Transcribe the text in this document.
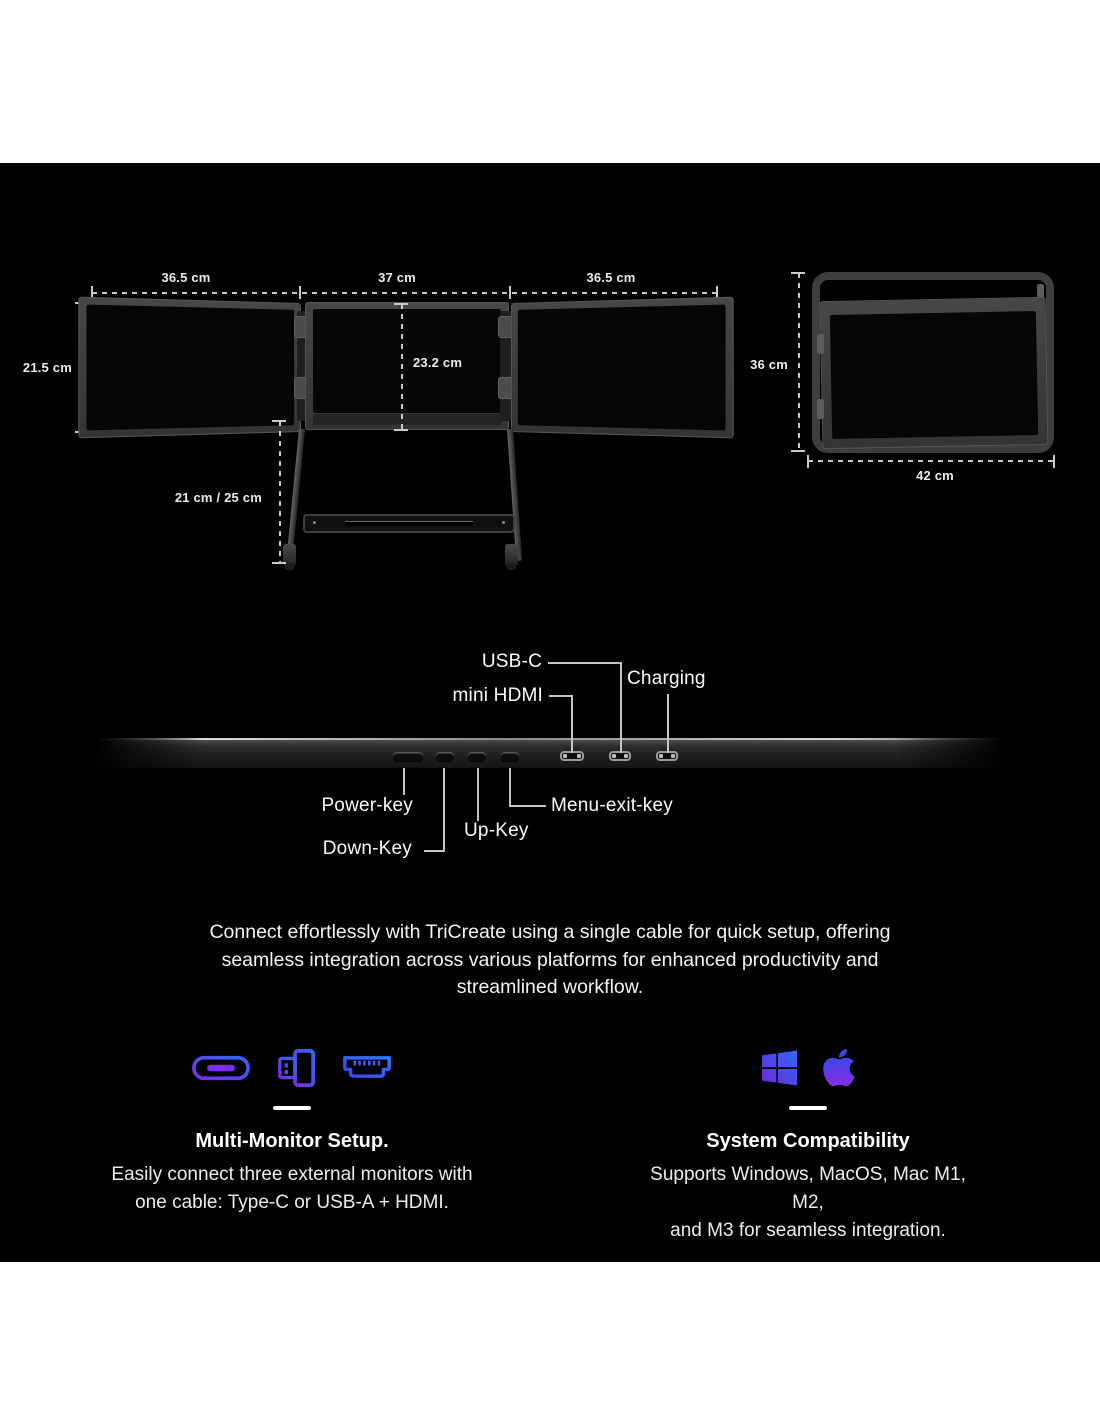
36.5 cm	37 cm	36.5 cm
21.5 cm	23.2 cm
21 cm / 25 cm
36 cm
42 cm
USB-C
Charging
mini HDMI
Power-key
Down-Key
Up-Key
Menu-exit-key
Connect effortlessly with TriCreate using a single cable for quick setup, offering
seamless integration across various platforms for enhanced productivity and
streamlined workflow.
Multi-Monitor Setup.
Easily connect three external monitors with
one cable: Type-C or USB-A + HDMI.
System Compatibility
Supports Windows, MacOS, Mac M1, M2,
and M3 for seamless integration.
